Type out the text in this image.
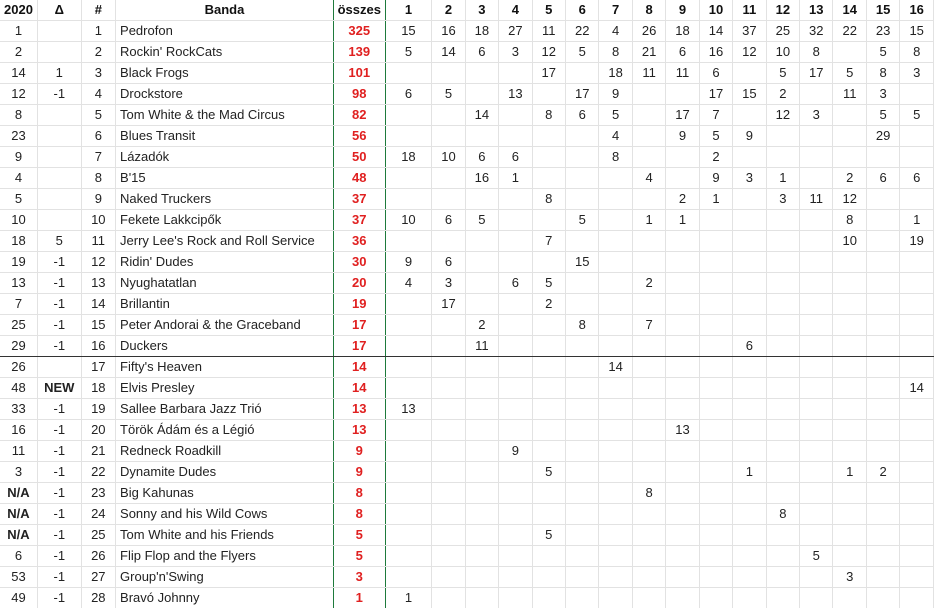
2020	Δ	#	Banda	összes	1	2	3	4	5	6	7	8	9	10	11	12	13	14	15	16
1		1	Pedrofon	325	15	16	18	27	11	22	4	26	18	14	37	25	32	22	23	15
2		2	Rockin' RockCats	139	5	14	6	3	12	5	8	21	6	16	12	10	8		5	8
14	1	3	Black Frogs	101					17		18	11	11	6		5	17	5	8	3
12	-1	4	Drockstore	98	6	5		13		17	9			17	15	2		11	3	
8		5	Tom White & the Mad Circus	82			14		8	6	5		17	7		12	3		5	5
23		6	Blues Transit	56							4		9	5	9				29	
9		7	Lázadók	50	18	10	6	6			8			2						
4		8	B'15	48			16	1				4		9	3	1		2	6	6
5		9	Naked Truckers	37					8				2	1		3	11	12		
10		10	Fekete Lakkcipők	37	10	6	5			5		1	1					8		1
18	5	11	Jerry Lee's Rock and Roll Service	36					7									10		19
19	-1	12	Ridin' Dudes	30	9	6				15										
13	-1	13	Nyughatatlan	20	4	3		6	5			2								
7	-1	14	Brillantin	19		17			2											
25	-1	15	Peter Andorai & the Graceband	17			2			8		7								
29	-1	16	Duckers	17			11								6					
26		17	Fifty's Heaven	14							14									
48	NEW	18	Elvis Presley	14																14
33	-1	19	Sallee Barbara Jazz Trió	13	13															
16	-1	20	Török Ádám és a Légió	13									13							
11	-1	21	Redneck Roadkill	9				9												
3	-1	22	Dynamite Dudes	9					5						1			1	2	
N/A	-1	23	Big Kahunas	8								8								
N/A	-1	24	Sonny and his Wild Cows	8												8				
N/A	-1	25	Tom White and his Friends	5					5											
6	-1	26	Flip Flop and the Flyers	5													5			
53	-1	27	Group'n'Swing	3														3		
49	-1	28	Bravó Johnny	1	1															
